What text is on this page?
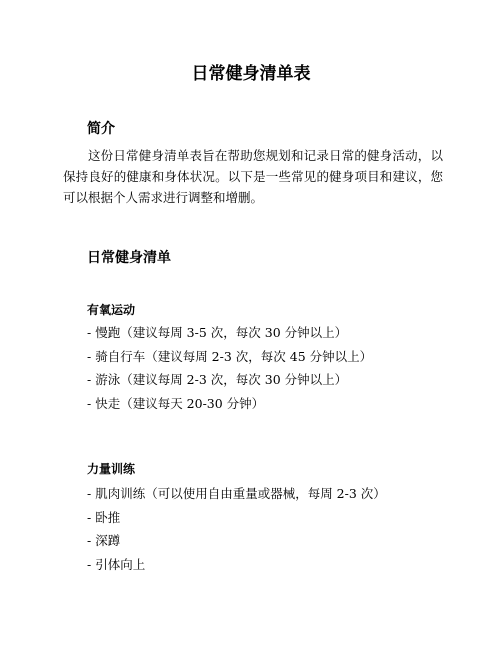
日常健身清单表
简介

这份日常健身清单表旨在帮助您规划和记录日常的健身活动，以保持良好的健康和身体状况。以下是一些常见的健身项目和建议，您可以根据个人需求进行调整和增删。

日常健身清单
有氧运动
- 慢跑（建议每周 3-5 次，每次 30 分钟以上）
- 骑自行车（建议每周 2-3 次，每次 45 分钟以上）
- 游泳（建议每周 2-3 次，每次 30 分钟以上）
- 快走（建议每天 20-30 分钟）
力量训练
- 肌肉训练（可以使用自由重量或器械，每周 2-3 次）
- 卧推
- 深蹲
- 引体向上
